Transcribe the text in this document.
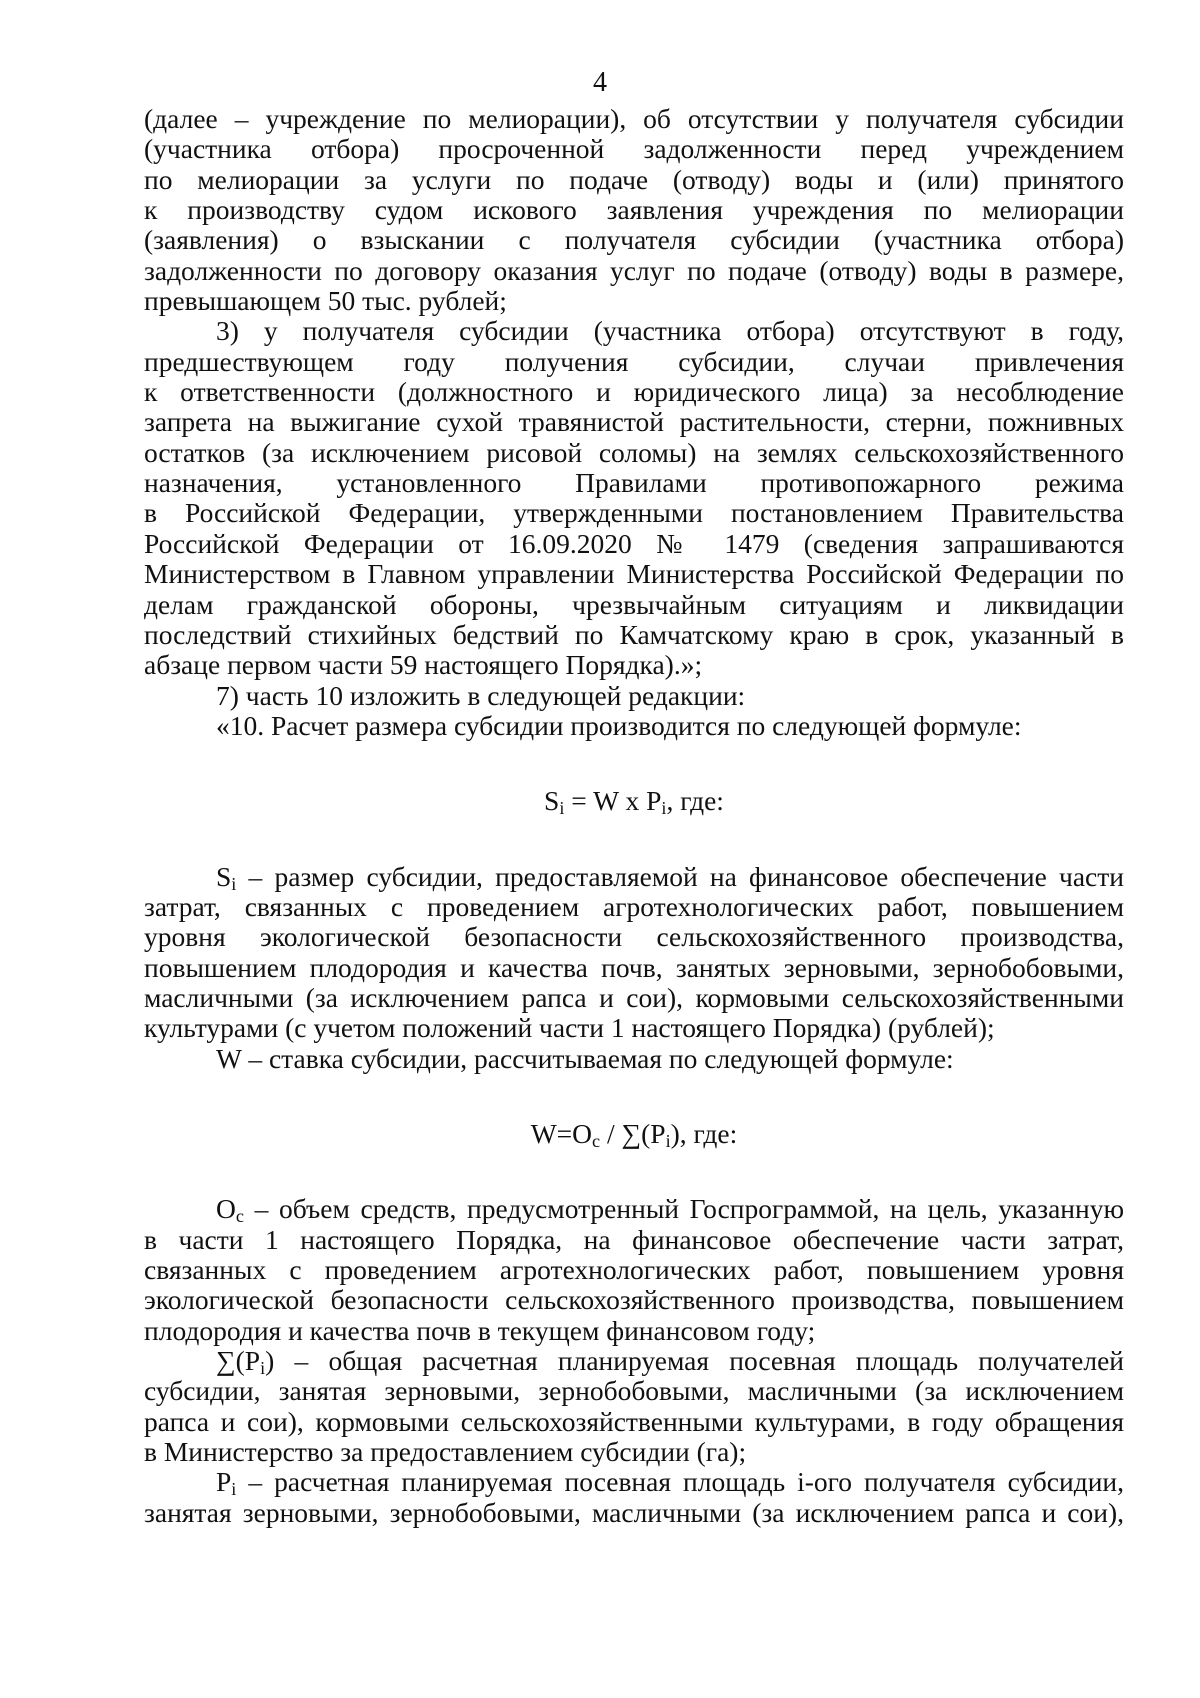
4
(далее – учреждение по мелиорации), об отсутствии у получателя субсидии
(участника отбора) просроченной задолженности перед учреждением
по мелиорации за услуги по подаче (отводу) воды и (или) принятого
к производству судом искового заявления учреждения по мелиорации
(заявления) о взыскании с получателя субсидии (участника отбора)
задолженности по договору оказания услуг по подаче (отводу) воды в размере,
превышающем 50 тыс. рублей;
3) у получателя субсидии (участника отбора) отсутствуют в году,
предшествующем году получения субсидии, случаи привлечения
к ответственности (должностного и юридического лица) за несоблюдение
запрета на выжигание сухой травянистой растительности, стерни, пожнивных
остатков (за исключением рисовой соломы) на землях сельскохозяйственного
назначения, установленного Правилами противопожарного режима
в Российской Федерации, утвержденными постановлением Правительства
Российской Федерации от 16.09.2020 № 1479 (сведения запрашиваются
Министерством в Главном управлении Министерства Российской Федерации по
делам гражданской обороны, чрезвычайным ситуациям и ликвидации
последствий стихийных бедствий по Камчатскому краю в срок, указанный в
абзаце первом части 59 настоящего Порядка).»;
7) часть 10 изложить в следующей редакции:
«10. Расчет размера субсидии производится по следующей формуле:
$S_i = W$ x $P_i$, где:
$S_i$ – размер субсидии, предоставляемой на финансовое обеспечение части
затрат, связанных с проведением агротехнологических работ, повышением
уровня экологической безопасности сельскохозяйственного производства,
повышением плодородия и качества почв, занятых зерновыми, зернобобовыми,
масличными (за исключением рапса и сои), кормовыми сельскохозяйственными
культурами (с учетом положений части 1 настоящего Порядка) (рублей);
W – ставка субсидии, рассчитываемая по следующей формуле:
$W=O_c / \sum(P_i)$, где:
$O_c$ – объем средств, предусмотренный Госпрограммой, на цель, указанную
в части 1 настоящего Порядка, на финансовое обеспечение части затрат,
связанных с проведением агротехнологических работ, повышением уровня
экологической безопасности сельскохозяйственного производства, повышением
плодородия и качества почв в текущем финансовом году;
$\sum(P_i)$ – общая расчетная планируемая посевная площадь получателей
субсидии, занятая зерновыми, зернобобовыми, масличными (за исключением
рапса и сои), кормовыми сельскохозяйственными культурами, в году обращения
в Министерство за предоставлением субсидии (га);
$P_i$ – расчетная планируемая посевная площадь i-ого получателя субсидии,
занятая зерновыми, зернобобовыми, масличными (за исключением рапса и сои),
